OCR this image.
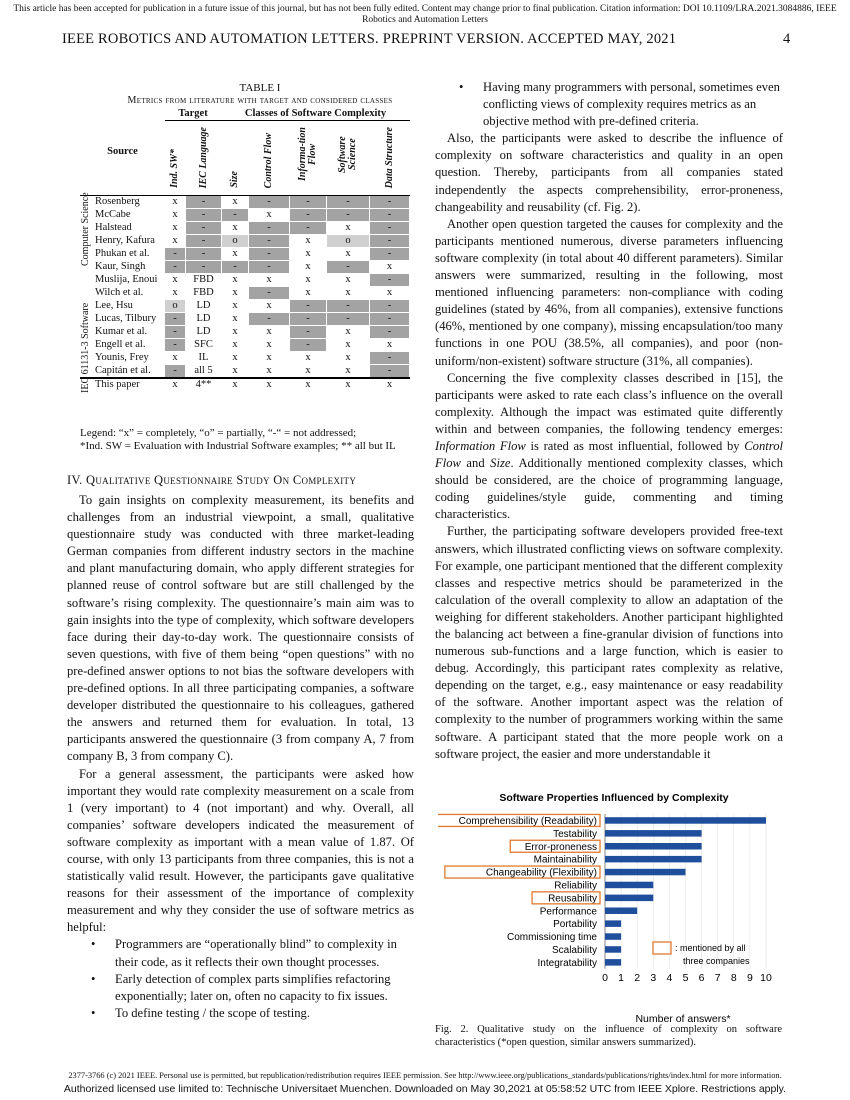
This article has been accepted for publication in a future issue of this journal, but has not been fully edited. Content may change prior to final publication. Citation information: DOI 10.1109/LRA.2021.3084886, IEEE Robotics and Automation Letters
IEEE ROBOTICS AND AUTOMATION LETTERS. PREPRINT VERSION. ACCEPTED MAY, 2021	4
TABLE I
Metrics from literature with target and considered classes
Source	Target		Classes of Software Complexity				
	Ind. SW*	IEC Language	Size	Control Flow	Informa-tion Flow	Software Science	Data Structure
Rosenberg	x	-	x	-	-	-	-
McCabe	x	-	-	x	-	-	-
Halstead	x	-	x	-	-	x	-
Henry, Kafura	x	-	o	-	x	o	-
Phukan et al.	-	-	x	-	x	x	-
Kaur, Singh	-	-	-	-	x	-	x
Muslija, Enoui	x	FBD	x	x	x	x	-
Wilch et al.	x	FBD	x	-	x	x	x
Lee, Hsu	o	LD	x	x	-	-	-
Lucas, Tilbury	-	LD	x	-	-	-	-
Kumar et al.	-	LD	x	x	-	x	-
Engell et al.	-	SFC	x	x	-	x	x
Younis, Frey	x	IL	x	x	x	x	-
Capitán et al.	-	all 5	x	x	x	x	-
This paper	x	4**	x	x	x	x	x
Computer Science
IEC 61131-3 Software
Legend: “x” = completely, “o” = partially, “-“ = not addressed;
*Ind. SW = Evaluation with Industrial Software examples; ** all but IL
IV. Qualitative Questionnaire Study On Complexity

To gain insights on complexity measurement, its benefits and challenges from an industrial viewpoint, a small, qualitative questionnaire study was conducted with three market-leading German companies from different industry sectors in the machine and plant manufacturing domain, who apply different strategies for planned reuse of control software but are still challenged by the software’s rising complexity. The questionnaire’s main aim was to gain insights into the type of complexity, which software developers face during their day-to-day work. The questionnaire consists of seven questions, with five of them being “open questions” with no pre-defined answer options to not bias the software developers with pre-defined options. In all three participating companies, a software developer distributed the questionnaire to his colleagues, gathered the answers and returned them for evaluation. In total, 13 participants answered the questionnaire (3 from company A, 7 from company B, 3 from company C).

For a general assessment, the participants were asked how important they would rate complexity measurement on a scale from 1 (very important) to 4 (not important) and why. Overall, all companies’ software developers indicated the measurement of software complexity as important with a mean value of 1.87. Of course, with only 13 participants from three companies, this is not a statistically valid result. However, the participants gave qualitative reasons for their assessment of the importance of complexity measurement and why they consider the use of software metrics as helpful:

• Programmers are “operationally blind” to complexity in their code, as it reflects their own thought processes.
• Early detection of complex parts simplifies refactoring exponentially; later on, often no capacity to fix issues.
• To define testing / the scope of testing.
• Having many programmers with personal, sometimes even conflicting views of complexity requires metrics as an objective method with pre-defined criteria.

Also, the participants were asked to describe the influence of complexity on software characteristics and quality in an open question. Thereby, participants from all companies stated independently the aspects comprehensibility, error-proneness, changeability and reusability (cf. Fig. 2).

Another open question targeted the causes for complexity and the participants mentioned numerous, diverse parameters influencing software complexity (in total about 40 different parameters). Similar answers were summarized, resulting in the following, most mentioned influencing parameters: non-compliance with coding guidelines (stated by 46%, from all companies), extensive functions (46%, mentioned by one company), missing encapsulation/too many functions in one POU (38.5%, all companies), and poor (non-uniform/non-existent) software structure (31%, all companies).

Concerning the five complexity classes described in [15], the participants were asked to rate each class’s influence on the overall complexity. Although the impact was estimated quite differently within and between companies, the following tendency emerges: Information Flow is rated as most influential, followed by Control Flow and Size. Additionally mentioned complexity classes, which should be considered, are the choice of programming language, coding guidelines/style guide, commenting and timing characteristics.

Further, the participating software developers provided free-text answers, which illustrated conflicting views on software complexity. For example, one participant mentioned that the different complexity classes and respective metrics should be parameterized in the calculation of the overall complexity to allow an adaptation of the weighing for different stakeholders. Another participant highlighted the balancing act between a fine-granular division of functions into numerous sub-functions and a large function, which is easier to debug. Accordingly, this participant rates complexity as relative, depending on the target, e.g., easy maintenance or easy readability of the software. Another important aspect was the relation of complexity to the number of programmers working within the same software. A participant stated that the more people work on a software project, the easier and more understandable it

Software Properties Influenced by Complexity
Comprehensibility (Readability)
Testability
Error-proneness
Maintainability
Changeability (Flexibility)
Reliability
Reusability
Performance
Portability
Commissioning time
Scalability
Integratability
0 1 2 3 4 5 6 7 8 9 10
Number of answers*
: mentioned by all
three companies
Fig. 2. Qualitative study on the influence of complexity on software characteristics (*open question, similar answers summarized).
2377-3766 (c) 2021 IEEE. Personal use is permitted, but republication/redistribution requires IEEE permission. See http://www.ieee.org/publications_standards/publications/rights/index.html for more information.
Authorized licensed use limited to: Technische Universitaet Muenchen. Downloaded on May 30,2021 at 05:58:52 UTC from IEEE Xplore. Restrictions apply.
